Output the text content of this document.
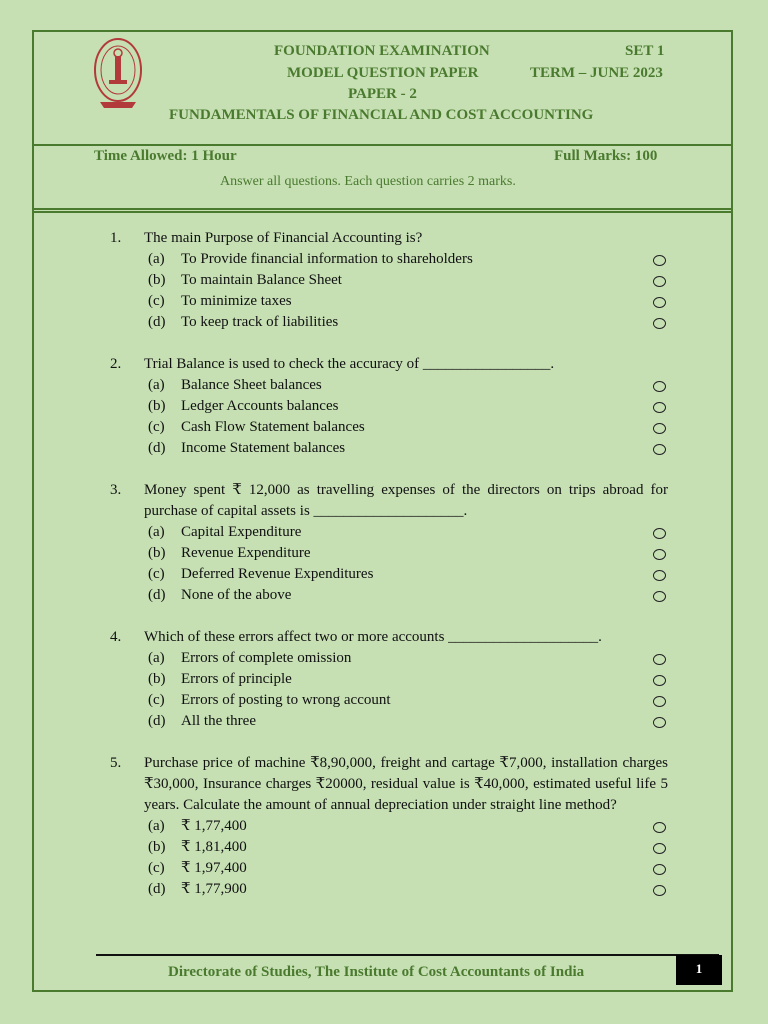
FOUNDATION EXAMINATION	SET 1
MODEL QUESTION PAPER	TERM – JUNE 2023
PAPER - 2
FUNDAMENTALS OF FINANCIAL AND COST ACCOUNTING
Time Allowed: 1 Hour	Full Marks: 100
Answer all questions. Each question carries 2 marks.
1. The main Purpose of Financial Accounting is?
(a) To Provide financial information to shareholders
(b) To maintain Balance Sheet
(c) To minimize taxes
(d) To keep track of liabilities
2. Trial Balance is used to check the accuracy of _________________.
(a) Balance Sheet balances
(b) Ledger Accounts balances
(c) Cash Flow Statement balances
(d) Income Statement balances
3. Money spent ₹ 12,000 as travelling expenses of the directors on trips abroad for purchase of capital assets is ____________________.
(a) Capital Expenditure
(b) Revenue Expenditure
(c) Deferred Revenue Expenditures
(d) None of the above
4. Which of these errors affect two or more accounts ____________________.
(a) Errors of complete omission
(b) Errors of principle
(c) Errors of posting to wrong account
(d) All the three
5. Purchase price of machine ₹8,90,000, freight and cartage ₹7,000, installation charges ₹30,000, Insurance charges ₹20000, residual value is ₹40,000, estimated useful life 5 years. Calculate the amount of annual depreciation under straight line method?
(a) ₹ 1,77,400
(b) ₹ 1,81,400
(c) ₹ 1,97,400
(d) ₹ 1,77,900
Directorate of Studies, The Institute of Cost Accountants of India	1
